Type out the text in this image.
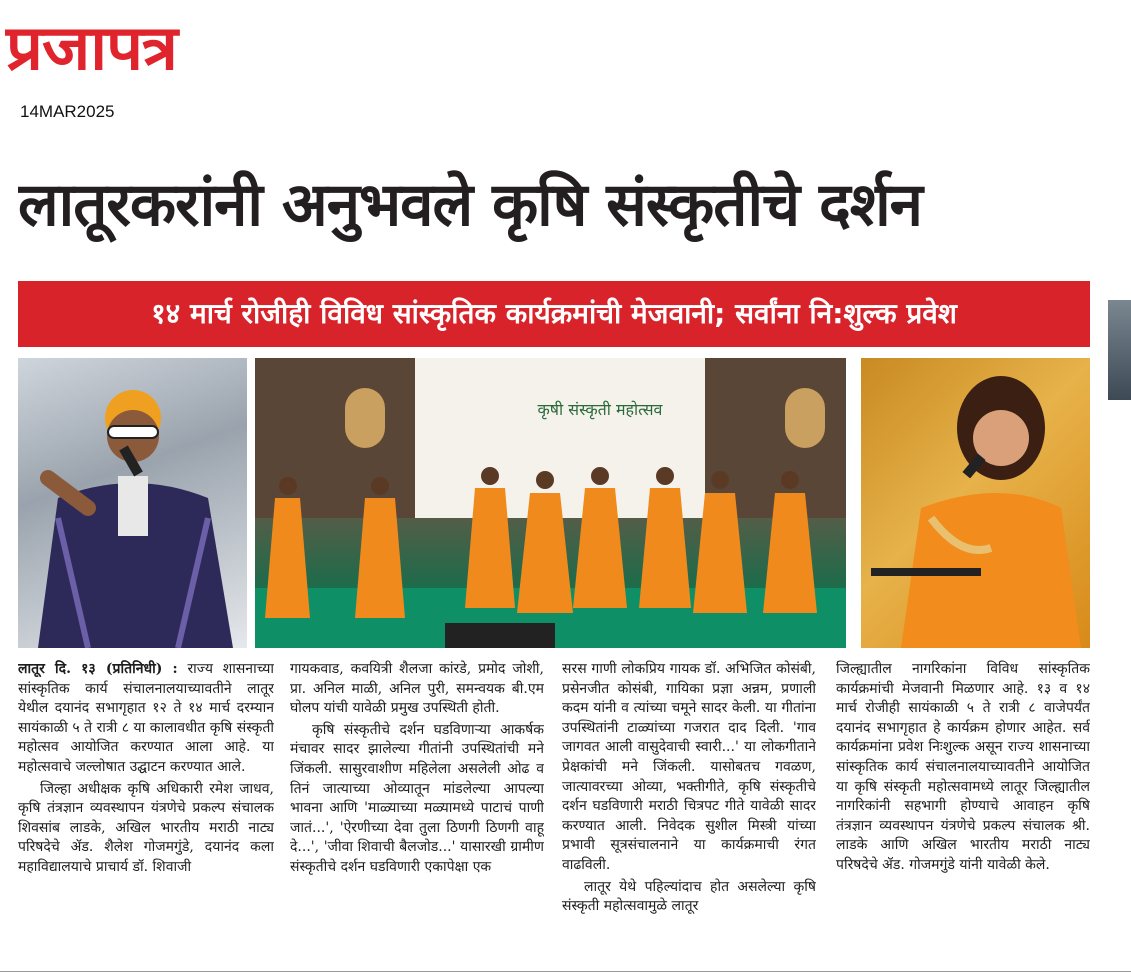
प्रजापत्र
14MAR2025
लातूरकरांनी अनुभवले कृषि संस्कृतीचे दर्शन
१४ मार्च रोजीही विविध सांस्कृतिक कार्यक्रमांची मेजवानी; सर्वांना नि:शुल्क प्रवेश
कृषी संस्कृती महोत्सव

लातूर दि. १३ (प्रतिनिधी) : राज्य शासनाच्या सांस्कृतिक कार्य संचालनालयाच्यावतीने लातूर येथील दयानंद सभागृहात १२ ते १४ मार्च दरम्यान सायंकाळी ५ ते रात्री ८ या कालावधीत कृषि संस्कृती महोत्सव आयोजित करण्यात आला आहे. या महोत्सवाचे जल्लोषात उद्घाटन करण्यात आले.

जिल्हा अधीक्षक कृषि अधिकारी रमेश जाधव, कृषि तंत्रज्ञान व्यवस्थापन यंत्रणेचे प्रकल्प संचालक शिवसांब लाडके, अखिल भारतीय मराठी नाट्य परिषदेचे ॲड. शैलेश गोजमगुंडे, दयानंद कला महाविद्यालयाचे प्राचार्य डॉ. शिवाजी

गायकवाड, कवयित्री शैलजा कांरडे, प्रमोद जोशी, प्रा. अनिल माळी, अनिल पुरी, समन्वयक बी.एम घोलप यांची यावेळी प्रमुख उपस्थिती होती.

कृषि संस्कृतीचे दर्शन घडविणाऱ्या आकर्षक मंचावर सादर झालेल्या गीतांनी उपस्थितांची मने जिंकली. सासुरवाशीण महिलेला असलेली ओढ व तिनं जात्याच्या ओव्यातून मांडलेल्या आपल्या भावना आणि 'माळ्याच्या मळ्यामध्ये पाटाचं पाणी जातं...', 'ऐरणीच्या देवा तुला ठिणगी ठिणगी वाहू दे...', 'जीवा शिवाची बैलजोड...' यासारखी ग्रामीण संस्कृतीचे दर्शन घडविणारी एकापेक्षा एक

सरस गाणी लोकप्रिय गायक डॉ. अभिजित कोसंबी, प्रसेनजीत कोसंबी, गायिका प्रज्ञा अन्नम, प्रणाली कदम यांनी व त्यांच्या चमूने सादर केली. या गीतांना उपस्थितांनी टाळ्यांच्या गजरात दाद दिली. 'गाव जागवत आली वासुदेवाची स्वारी...' या लोकगीताने प्रेक्षकांची मने जिंकली. यासोबतच गवळण, जात्यावरच्या ओव्या, भक्तीगीते, कृषि संस्कृतीचे दर्शन घडविणारी मराठी चित्रपट गीते यावेळी सादर करण्यात आली. निवेदक सुशील मिस्त्री यांच्या प्रभावी सूत्रसंचालनाने या कार्यक्रमाची रंगत वाढविली.

लातूर येथे पहिल्यांदाच होत असलेल्या कृषि संस्कृती महोत्सवामुळे लातूर

जिल्ह्यातील नागरिकांना विविध सांस्कृतिक कार्यक्रमांची मेजवानी मिळणार आहे. १३ व १४ मार्च रोजीही सायंकाळी ५ ते रात्री ८ वाजेपर्यंत दयानंद सभागृहात हे कार्यक्रम होणार आहेत. सर्व कार्यक्रमांना प्रवेश निःशुल्क असून राज्य शासनाच्या सांस्कृतिक कार्य संचालनालयाच्यावतीने आयोजित या कृषि संस्कृती महोत्सवामध्ये लातूर जिल्ह्यातील नागरिकांनी सहभागी होण्याचे आवाहन कृषि तंत्रज्ञान व्यवस्थापन यंत्रणेचे प्रकल्प संचालक श्री. लाडके आणि अखिल भारतीय मराठी नाट्य परिषदेचे ॲड. गोजमगुंडे यांनी यावेळी केले.
